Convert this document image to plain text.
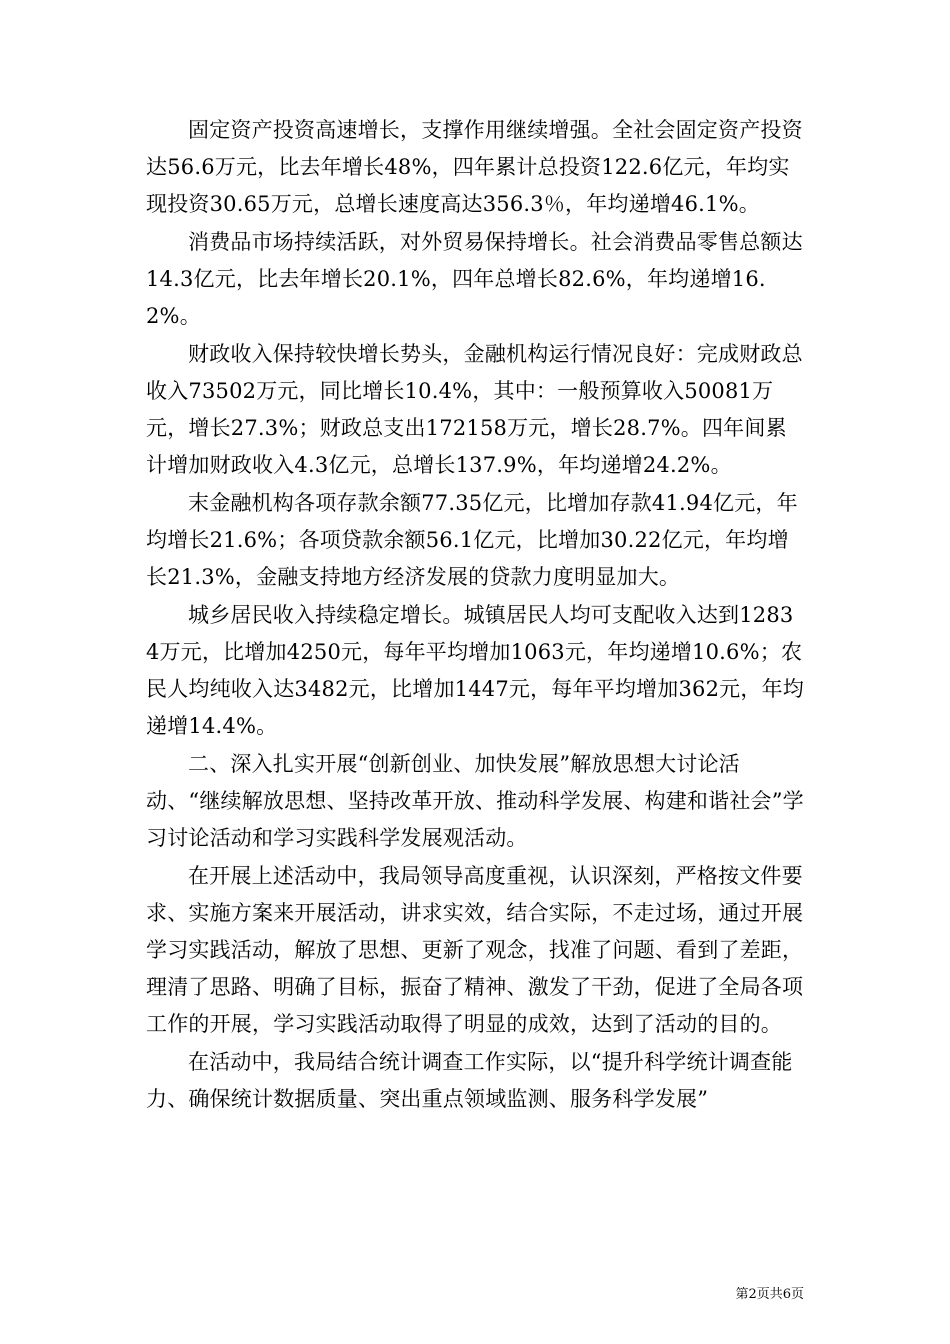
固定资产投资高速增长，支撑作用继续增强。全社会固定资产投资达56.6万元，比去年增长48%，四年累计总投资122.6亿元，年均实现投资30.65万元，总增长速度高达356.3％，年均递增46.1%。

消费品市场持续活跃，对外贸易保持增长。社会消费品零售总额达14.3亿元，比去年增长20.1%，四年总增长82.6%，年均递增16.2%。

财政收入保持较快增长势头，金融机构运行情况良好：完成财政总收入73502万元，同比增长10.4%，其中：一般预算收入50081万元，增长27.3%；财政总支出172158万元，增长28.7%。四年间累计增加财政收入4.3亿元，总增长137.9%，年均递增24.2%。

末金融机构各项存款余额77.35亿元，比增加存款41.94亿元，年均增长21.6%；各项贷款余额56.1亿元，比增加30.22亿元，年均增长21.3%，金融支持地方经济发展的贷款力度明显加大。

城乡居民收入持续稳定增长。城镇居民人均可支配收入达到12834万元，比增加4250元，每年平均增加1063元，年均递增10.6%；农民人均纯收入达3482元，比增加1447元，每年平均增加362元，年均递增14.4%。

二、深入扎实开展“创新创业、加快发展”解放思想大讨论活动、“继续解放思想、坚持改革开放、推动科学发展、构建和谐社会”学习讨论活动和学习实践科学发展观活动。

在开展上述活动中，我局领导高度重视，认识深刻，严格按文件要求、实施方案来开展活动，讲求实效，结合实际，不走过场，通过开展学习实践活动，解放了思想、更新了观念，找准了问题、看到了差距，理清了思路、明确了目标，振奋了精神、激发了干劲，促进了全局各项工作的开展，学习实践活动取得了明显的成效，达到了活动的目的。

在活动中，我局结合统计调查工作实际，以“提升科学统计调查能力、确保统计数据质量、突出重点领域监测、服务科学发展”

第2页共6页
